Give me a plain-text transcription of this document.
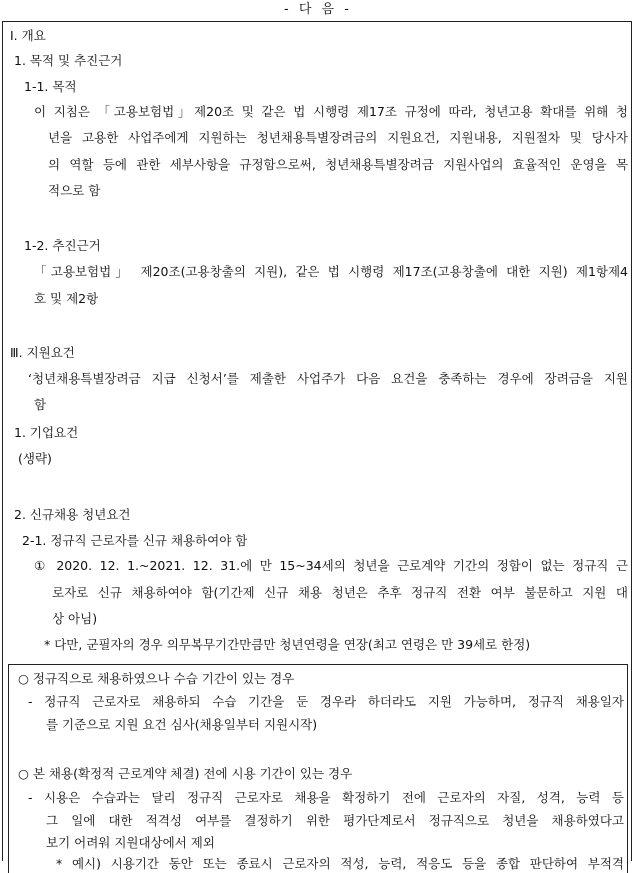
- 다 음 -
Ⅰ. 개요
1. 목적 및 추진근거
1-1. 목적
이 지침은 「고용보험법」제20조 및 같은 법 시행령 제17조 규정에 따라, 청년고용 확대를 위해 청
년을 고용한 사업주에게 지원하는 청년채용특별장려금의 지원요건, 지원내용, 지원절차 및 당사자
의 역할 등에 관한 세부사항을 규정함으로써, 청년채용특별장려금 지원사업의 효율적인 운영을 목
적으로 함
1-2. 추진근거
「고용보험법」 제20조(고용창출의 지원), 같은 법 시행령 제17조(고용창출에 대한 지원) 제1항제4
호 및 제2항
Ⅲ. 지원요건
‘청년채용특별장려금 지급 신청서’를 제출한 사업주가 다음 요건을 충족하는 경우에 장려금을 지원
함
1. 기업요건
(생략)
2. 신규채용 청년요건
2-1. 정규직 근로자를 신규 채용하여야 함
① 2020. 12. 1.~2021. 12. 31.에 만 15~34세의 청년을 근로계약 기간의 정함이 없는 정규직 근
로자로 신규 채용하여야 함(기간제 신규 채용 청년은 추후 정규직 전환 여부 불문하고 지원 대
상 아님)
* 다만, 군필자의 경우 의무복무기간만큼만 청년연령을 연장(최고 연령은 만 39세로 한정)
○ 정규직으로 채용하였으나 수습 기간이 있는 경우
- 정규직 근로자로 채용하되 수습 기간을 둔 경우라 하더라도 지원 가능하며, 정규직 채용일자
를 기준으로 지원 요건 심사(채용일부터 지원시작)
○ 본 채용(확정적 근로계약 체결) 전에 시용 기간이 있는 경우
- 시용은 수습과는 달리 정규직 근로자로 채용을 확정하기 전에 근로자의 자질, 성격, 능력 등
그 일에 대한 적격성 여부를 결정하기 위한 평가단계로서 정규직으로 청년을 채용하였다고
보기 어려워 지원대상에서 제외
* 예시) 시용기간 동안 또는 종료시 근로자의 적성, 능력, 적응도 등을 종합 판단하여 부적격
